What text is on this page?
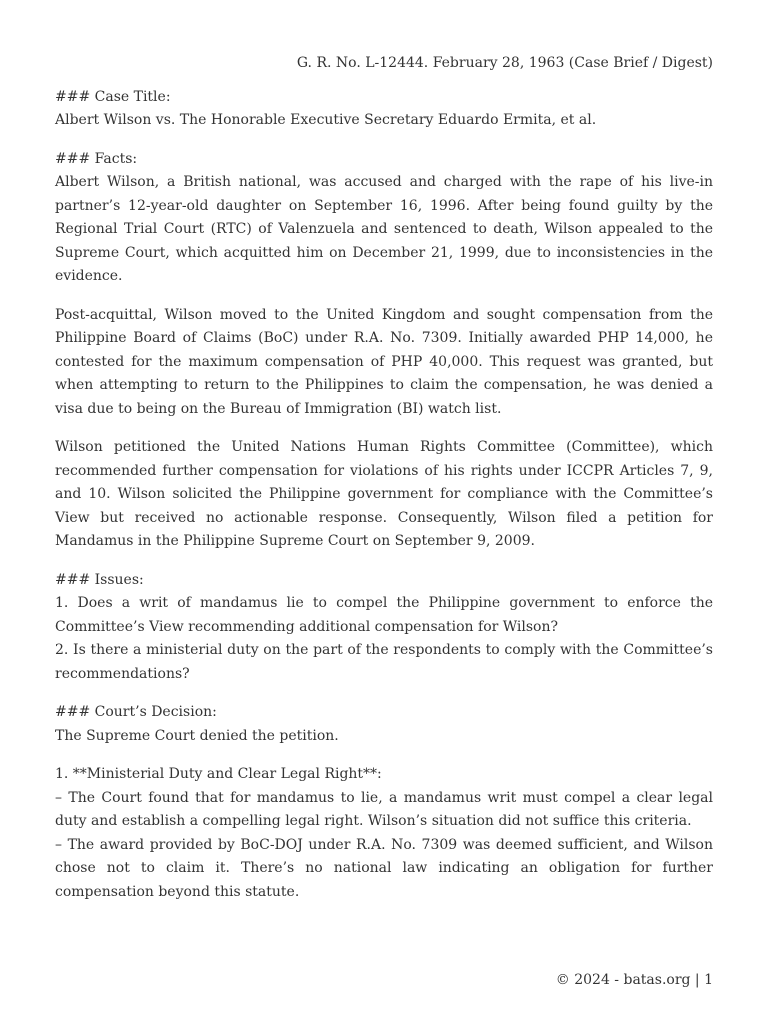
G. R. No. L-12444. February 28, 1963 (Case Brief / Digest)
### Case Title:
Albert Wilson vs. The Honorable Executive Secretary Eduardo Ermita, et al.
### Facts:

Albert Wilson, a British national, was accused and charged with the rape of his live-in partner’s 12-year-old daughter on September 16, 1996. After being found guilty by the Regional Trial Court (RTC) of Valenzuela and sentenced to death, Wilson appealed to the Supreme Court, which acquitted him on December 21, 1999, due to inconsistencies in the evidence.

Post-acquittal, Wilson moved to the United Kingdom and sought compensation from the Philippine Board of Claims (BoC) under R.A. No. 7309. Initially awarded PHP 14,000, he contested for the maximum compensation of PHP 40,000. This request was granted, but when attempting to return to the Philippines to claim the compensation, he was denied a visa due to being on the Bureau of Immigration (BI) watch list.

Wilson petitioned the United Nations Human Rights Committee (Committee), which recommended further compensation for violations of his rights under ICCPR Articles 7, 9, and 10. Wilson solicited the Philippine government for compliance with the Committee’s View but received no actionable response. Consequently, Wilson filed a petition for Mandamus in the Philippine Supreme Court on September 9, 2009.

### Issues:
1. Does a writ of mandamus lie to compel the Philippine government to enforce the Committee’s View recommending additional compensation for Wilson?
2. Is there a ministerial duty on the part of the respondents to comply with the Committee’s recommendations?
### Court’s Decision:
The Supreme Court denied the petition.
1. **Ministerial Duty and Clear Legal Right**:
– The Court found that for mandamus to lie, a mandamus writ must compel a clear legal duty and establish a compelling legal right. Wilson’s situation did not suffice this criteria.
– The award provided by BoC-DOJ under R.A. No. 7309 was deemed sufficient, and Wilson chose not to claim it. There’s no national law indicating an obligation for further compensation beyond this statute.
© 2024 - batas.org | 1
